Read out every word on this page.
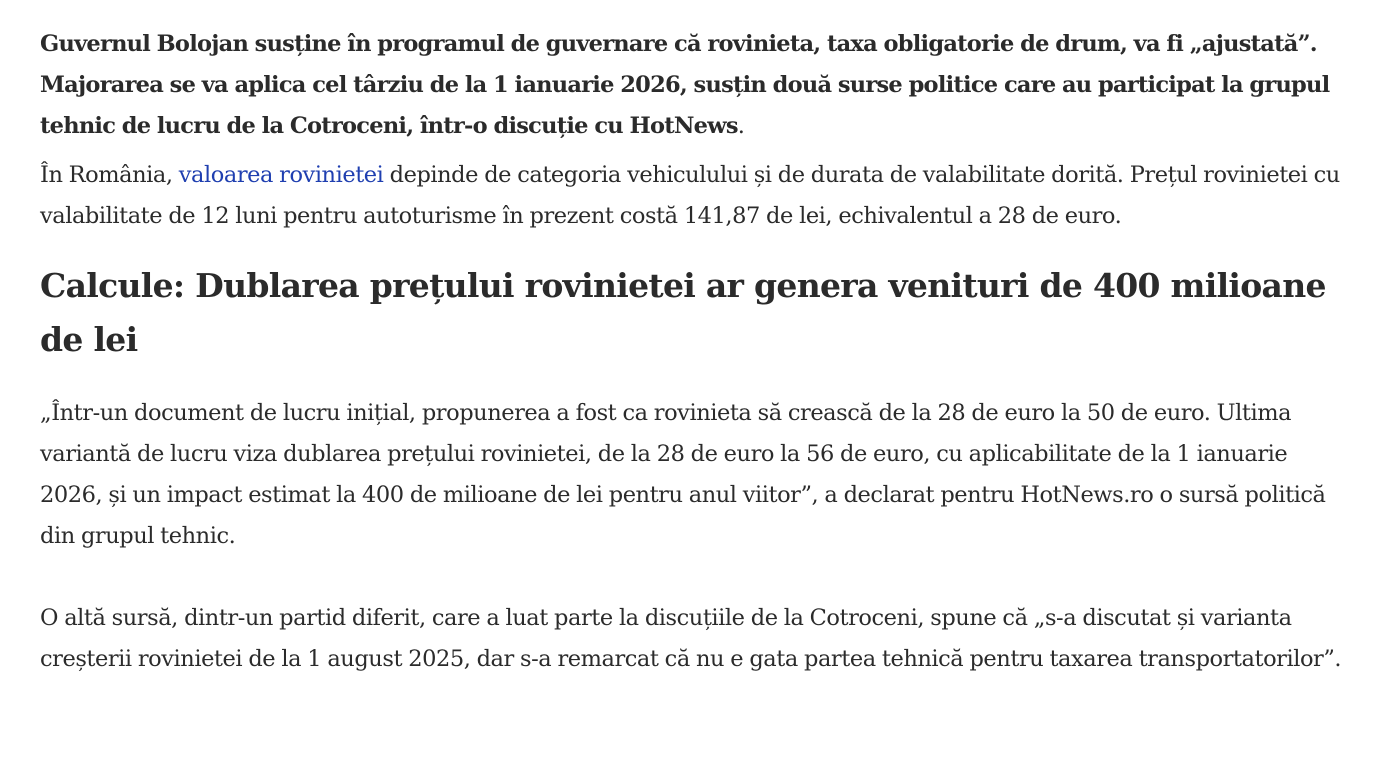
Guvernul Bolojan susține în programul de guvernare că rovinieta, taxa obligatorie de drum, va fi „ajustată”. Majorarea se va aplica cel târziu de la 1 ianuarie 2026, susțin două surse politice care au participat la grupul tehnic de lucru de la Cotroceni, într-o discuție cu HotNews.

În România, valoarea rovinietei depinde de categoria vehiculului și de durata de valabilitate dorită. Prețul rovinietei cu valabilitate de 12 luni pentru autoturisme în prezent costă 141,87 de lei, echivalentul a 28 de euro.

Calcule: Dublarea prețului rovinietei ar genera venituri de 400 milioane de lei

„Într-un document de lucru inițial, propunerea a fost ca rovinieta să crească de la 28 de euro la 50 de euro. Ultima variantă de lucru viza dublarea prețului rovinietei, de la 28 de euro la 56 de euro, cu aplicabilitate de la 1 ianuarie 2026, și un impact estimat la 400 de milioane de lei pentru anul viitor”, a declarat pentru HotNews.ro o sursă politică din grupul tehnic.

O altă sursă, dintr-un partid diferit, care a luat parte la discuțiile de la Cotroceni, spune că „s-a discutat și varianta creșterii rovinietei de la 1 august 2025, dar s-a remarcat că nu e gata partea tehnică pentru taxarea transportatorilor”.
